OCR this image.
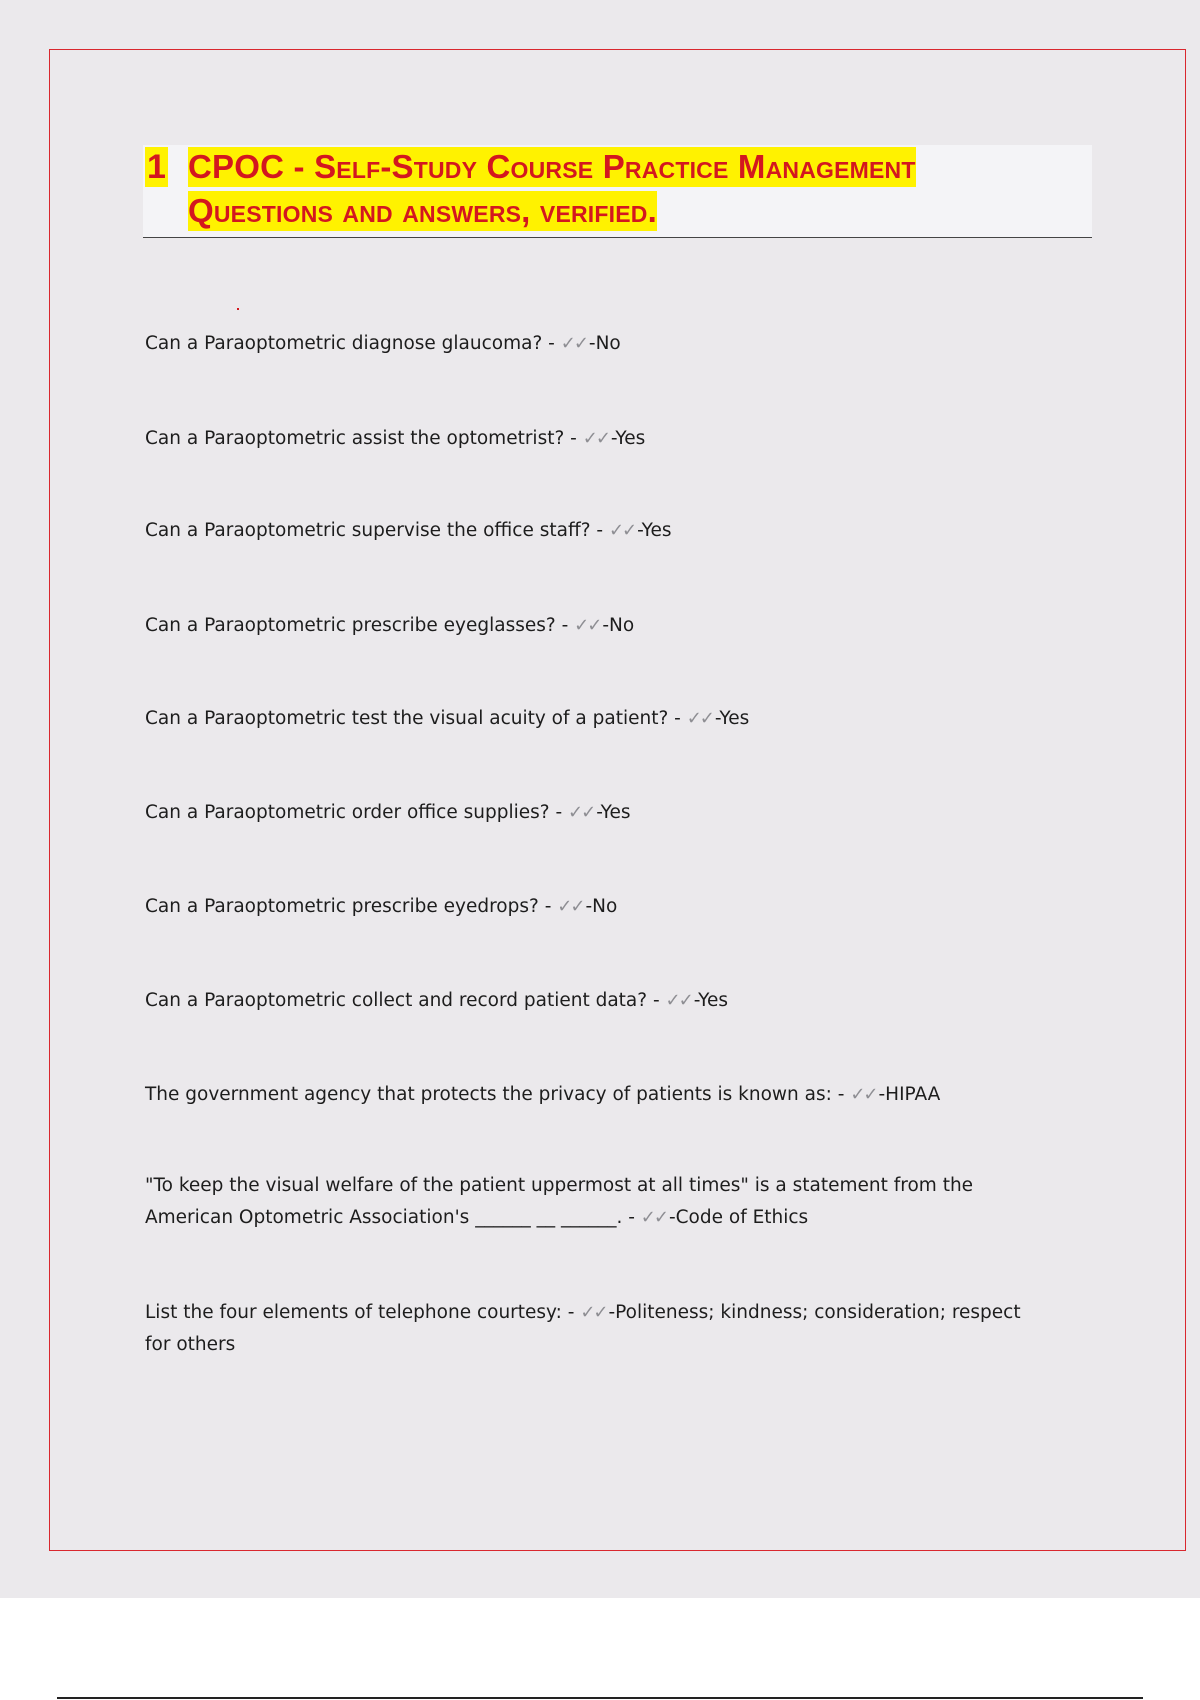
1 CPOC - Self-Study Course Practice Management
Questions and answers, verified.
Can a Paraoptometric diagnose glaucoma? - ✓✓ -No
Can a Paraoptometric assist the optometrist? - ✓✓ -Yes
Can a Paraoptometric supervise the office staff? - ✓✓ -Yes
Can a Paraoptometric prescribe eyeglasses? - ✓✓ -No
Can a Paraoptometric test the visual acuity of a patient? - ✓✓ -Yes
Can a Paraoptometric order office supplies? - ✓✓ -Yes
Can a Paraoptometric prescribe eyedrops? - ✓✓ -No
Can a Paraoptometric collect and record patient data? - ✓✓ -Yes
The government agency that protects the privacy of patients is known as: - ✓✓ -HIPAA
"To keep the visual welfare of the patient uppermost at all times" is a statement from the American Optometric Association's ______ __ ______. - ✓✓ -Code of Ethics
List the four elements of telephone courtesy: - ✓✓ -Politeness; kindness; consideration; respect for others
